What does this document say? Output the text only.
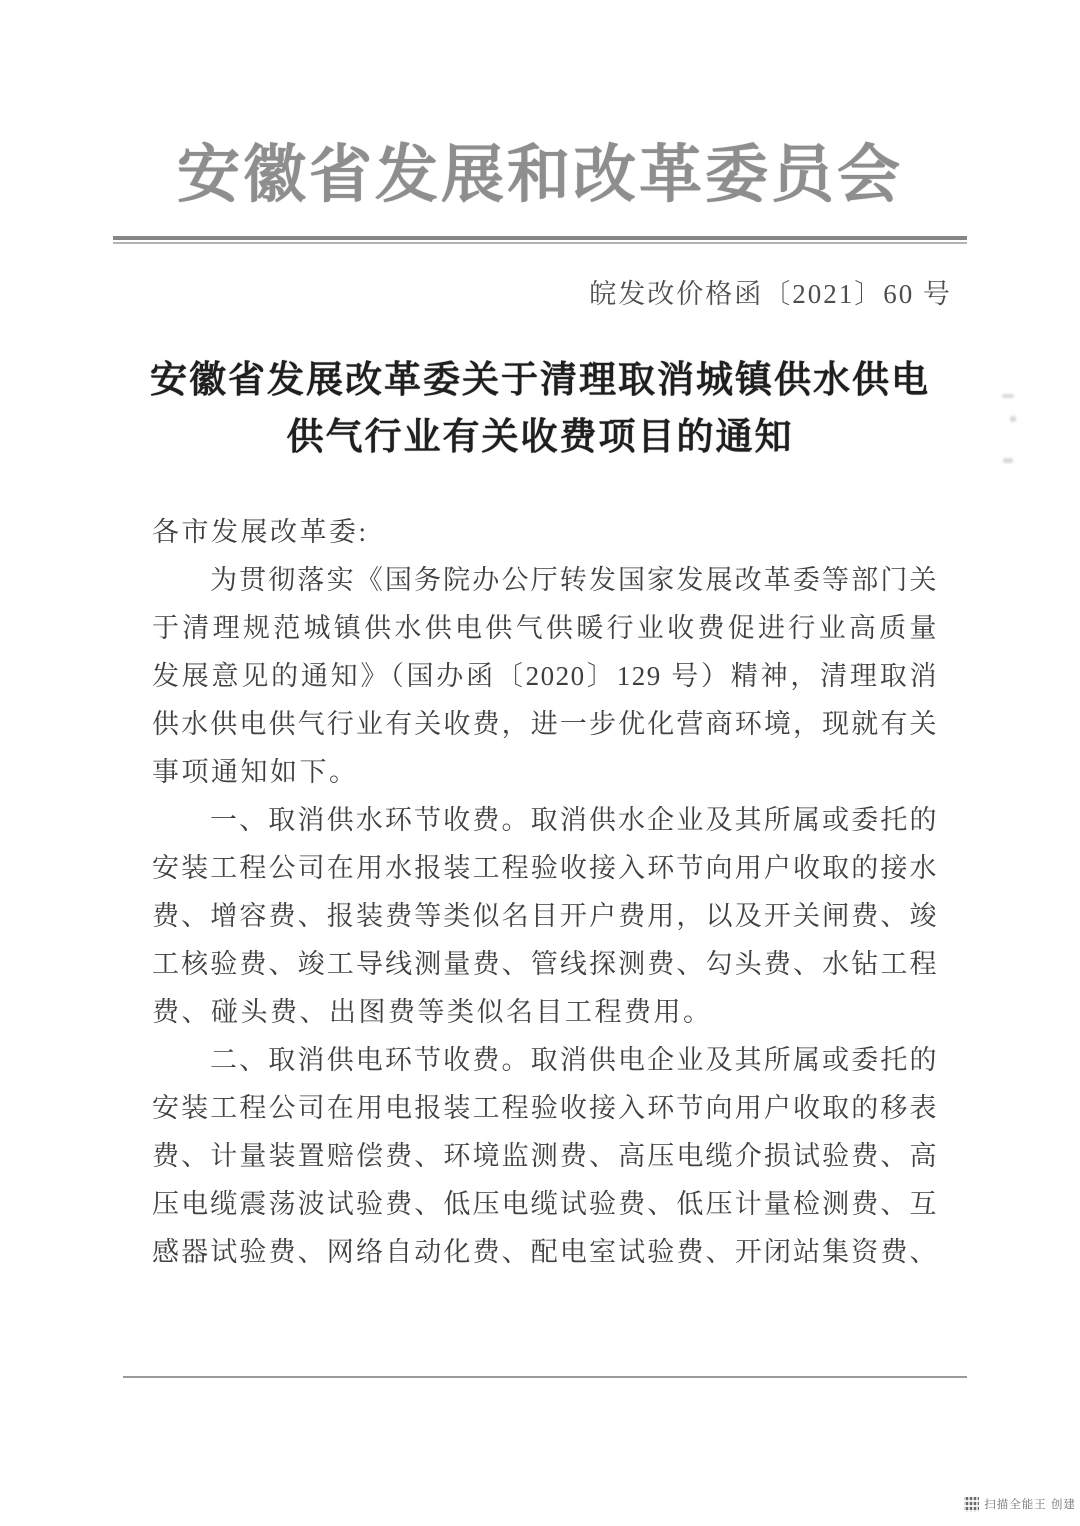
安徽省发展和改革委员会
皖发改价格函〔2021〕60 号
安徽省发展改革委关于清理取消城镇供水供电
供气行业有关收费项目的通知
各市发展改革委:
为贯彻落实《国务院办公厅转发国家发展改革委等部门关
于清理规范城镇供水供电供气供暖行业收费促进行业高质量
发展意见的通知》（国办函〔2020〕129 号）精神，清理取消
供水供电供气行业有关收费，进一步优化营商环境，现就有关
事项通知如下。
一、取消供水环节收费。取消供水企业及其所属或委托的
安装工程公司在用水报装工程验收接入环节向用户收取的接水
费、增容费、报装费等类似名目开户费用，以及开关闸费、竣
工核验费、竣工导线测量费、管线探测费、勾头费、水钻工程
费、碰头费、出图费等类似名目工程费用。
二、取消供电环节收费。取消供电企业及其所属或委托的
安装工程公司在用电报装工程验收接入环节向用户收取的移表
费、计量装置赔偿费、环境监测费、高压电缆介损试验费、高
压电缆震荡波试验费、低压电缆试验费、低压计量检测费、互
感器试验费、网络自动化费、配电室试验费、开闭站集资费、
扫描全能王 创建
